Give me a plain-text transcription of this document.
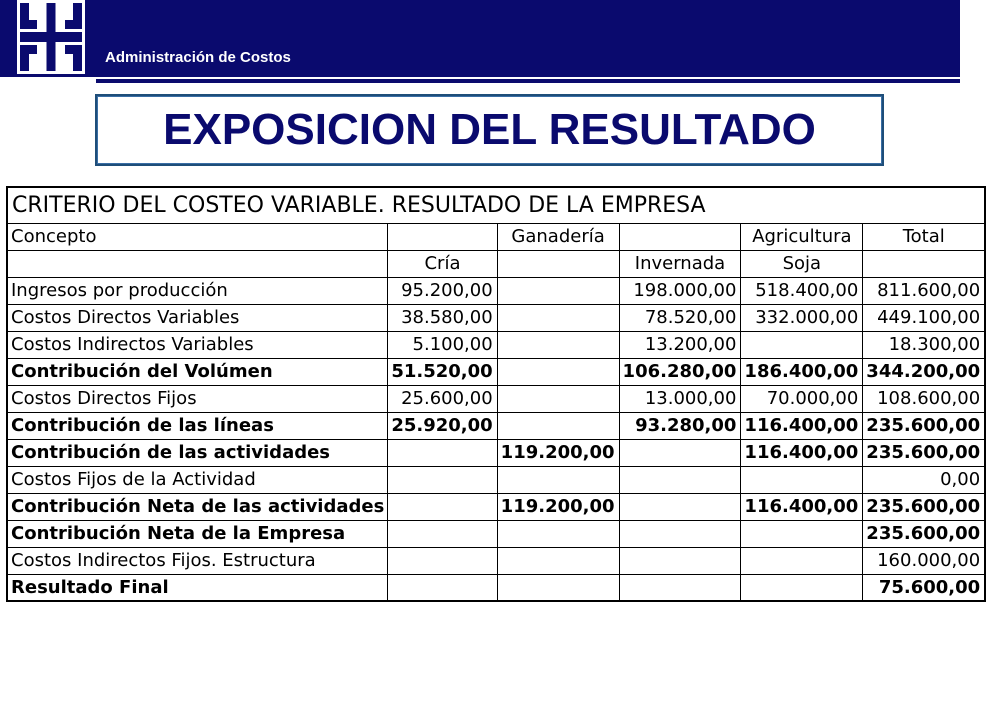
Administración de Costos
EXPOSICION DEL RESULTADO
CRITERIO DEL COSTEO VARIABLE. RESULTADO DE LA EMPRESA					
Concepto		Ganadería		Agricultura	Total
	Cría		Invernada	Soja	
Ingresos por producción	95.200,00		198.000,00	518.400,00	811.600,00
Costos Directos Variables	38.580,00		78.520,00	332.000,00	449.100,00
Costos Indirectos Variables	5.100,00		13.200,00		18.300,00
Contribución del Volúmen	51.520,00		106.280,00	186.400,00	344.200,00
Costos Directos Fijos	25.600,00		13.000,00	70.000,00	108.600,00
Contribución de las líneas	25.920,00		93.280,00	116.400,00	235.600,00
Contribución de las actividades		119.200,00		116.400,00	235.600,00
Costos Fijos de la Actividad					0,00
Contribución Neta de las actividades		119.200,00		116.400,00	235.600,00
Contribución Neta de la Empresa					235.600,00
Costos Indirectos Fijos. Estructura					160.000,00
Resultado Final					75.600,00
